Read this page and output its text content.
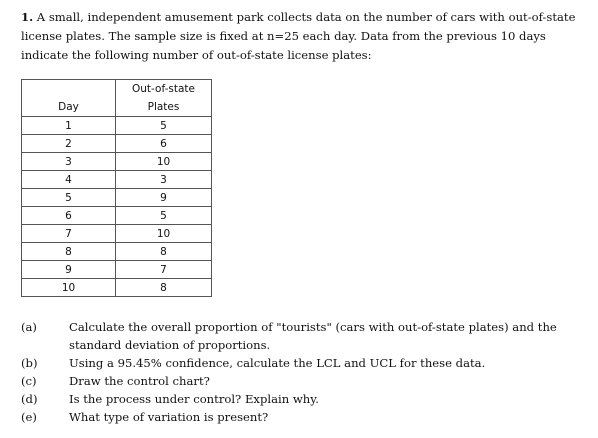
1. A small, independent amusement park collects data on the number of cars with out-of-state license plates. The sample size is fixed at n=25 each day. Data from the previous 10 days indicate the following number of out-of-state license plates:

Day	Out-of-state
Plates
1	5
2	6
3	10
4	3
5	9
6	5
7	10
8	8
9	7
10	8
(a)	Calculate the overall proportion of "tourists" (cars with out-of-state plates) and the standard deviation of proportions.
(b)	Using a 95.45% confidence, calculate the LCL and UCL for these data.
(c)	Draw the control chart?
(d)	Is the process under control? Explain why.
(e)	What type of variation is present?
